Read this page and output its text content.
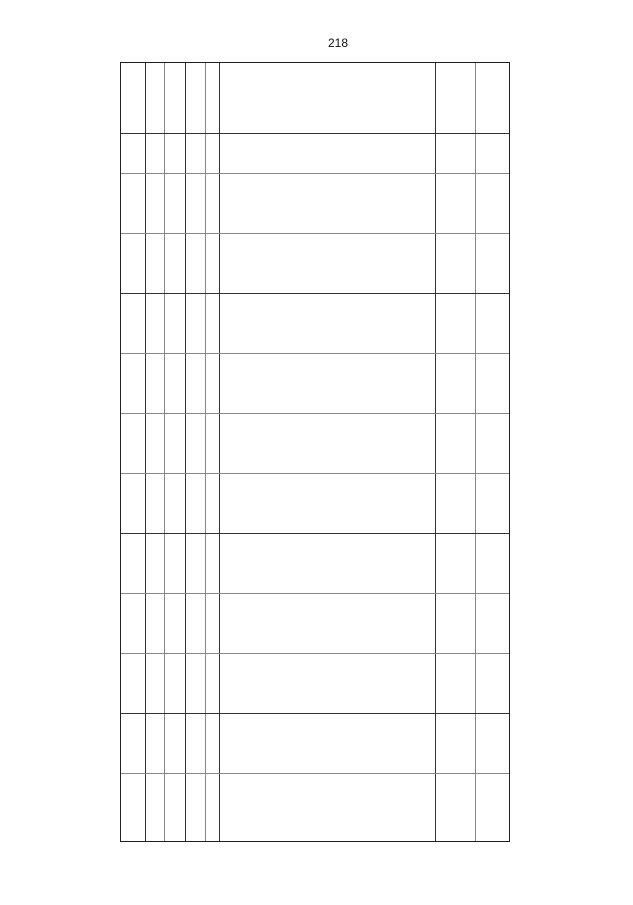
218
